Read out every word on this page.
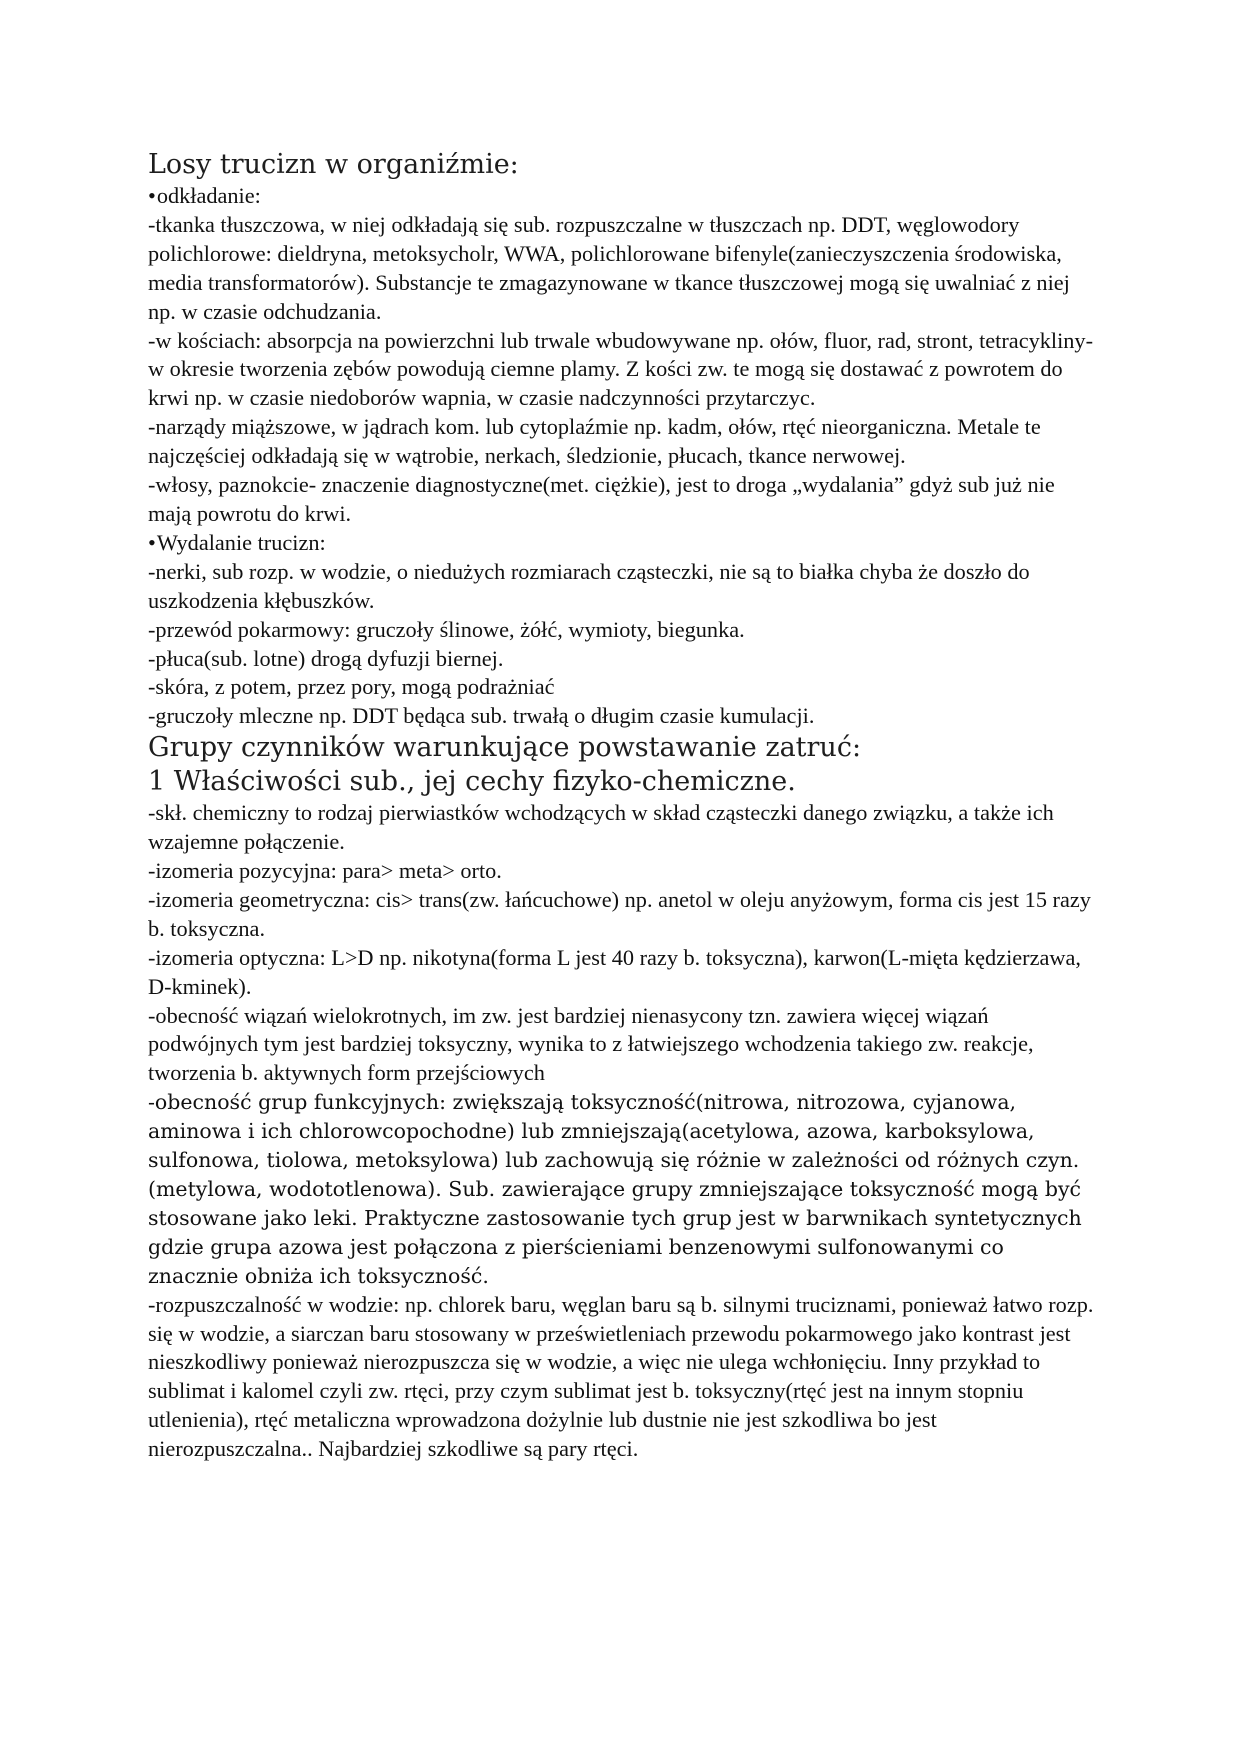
Losy trucizn w organiźmie:

• odkładanie:

-tkanka tłuszczowa, w niej odkładają się sub. rozpuszczalne w tłuszczach np. DDT, węglowodory polichlorowe: dieldryna, metoksycholr, WWA, polichlorowane bifenyle(zanieczyszczenia środowiska, media transformatorów). Substancje te zmagazynowane w tkance tłuszczowej mogą się uwalniać z niej np. w czasie odchudzania.

-w kościach: absorpcja na powierzchni lub trwale wbudowywane np. ołów, fluor, rad, stront, tetracykliny- w okresie tworzenia zębów powodują ciemne plamy. Z kości zw. te mogą się dostawać z powrotem do krwi np. w czasie niedoborów wapnia, w czasie nadczynności przytarczyc.

-narządy miąższowe, w jądrach kom. lub cytoplaźmie np. kadm, ołów, rtęć nieorganiczna. Metale te najczęściej odkładają się w wątrobie, nerkach, śledzionie, płucach, tkance nerwowej.

-włosy, paznokcie- znaczenie diagnostyczne(met. ciężkie), jest to droga „wydalania” gdyż sub już nie mają powrotu do krwi.

• Wydalanie trucizn:

-nerki, sub rozp. w wodzie, o niedużych rozmiarach cząsteczki, nie są to białka chyba że doszło do uszkodzenia kłębuszków.

-przewód pokarmowy: gruczoły ślinowe, żółć, wymioty, biegunka.

-płuca(sub. lotne) drogą dyfuzji biernej.

-skóra, z potem, przez pory, mogą podrażniać

-gruczoły mleczne np. DDT będąca sub. trwałą o długim czasie kumulacji.

Grupy czynników warunkujące powstawanie zatruć:
1 Właściwości sub., jej cechy fizyko-chemiczne.

-skł. chemiczny to rodzaj pierwiastków wchodzących w skład cząsteczki danego związku, a także ich wzajemne połączenie.

-izomeria pozycyjna: para> meta> orto.

-izomeria geometryczna: cis> trans(zw. łańcuchowe) np. anetol w oleju anyżowym, forma cis jest 15 razy b. toksyczna.

-izomeria optyczna: L>D np. nikotyna(forma L jest 40 razy b. toksyczna), karwon(L-mięta kędzierzawa, D-kminek).

-obecność wiązań wielokrotnych, im zw. jest bardziej nienasycony tzn. zawiera więcej wiązań podwójnych tym jest bardziej toksyczny, wynika to z łatwiejszego wchodzenia takiego zw. reakcje, tworzenia b. aktywnych form przejściowych

-obecność grup funkcyjnych: zwiększają toksyczność(nitrowa, nitrozowa, cyjanowa, aminowa i ich chlorowcopochodne) lub zmniejszają(acetylowa, azowa, karboksylowa, sulfonowa, tiolowa, metoksylowa) lub zachowują się różnie w zależności od różnych czyn. (metylowa, wodototlenowa). Sub. zawierające grupy zmniejszające toksyczność mogą być stosowane jako leki. Praktyczne zastosowanie tych grup jest w barwnikach syntetycznych gdzie grupa azowa jest połączona z pierścieniami benzenowymi sulfonowanymi co znacznie obniża ich toksyczność.

-rozpuszczalność w wodzie: np. chlorek baru, węglan baru są b. silnymi truciznami, ponieważ łatwo rozp. się w wodzie, a siarczan baru stosowany w prześwietleniach przewodu pokarmowego jako kontrast jest nieszkodliwy ponieważ nierozpuszcza się w wodzie, a więc nie ulega wchłonięciu. Inny przykład to sublimat i kalomel czyli zw. rtęci, przy czym sublimat jest b. toksyczny(rtęć jest na innym stopniu utlenienia), rtęć metaliczna wprowadzona dożylnie lub dustnie nie jest szkodliwa bo jest nierozpuszczalna.. Najbardziej szkodliwe są pary rtęci.
